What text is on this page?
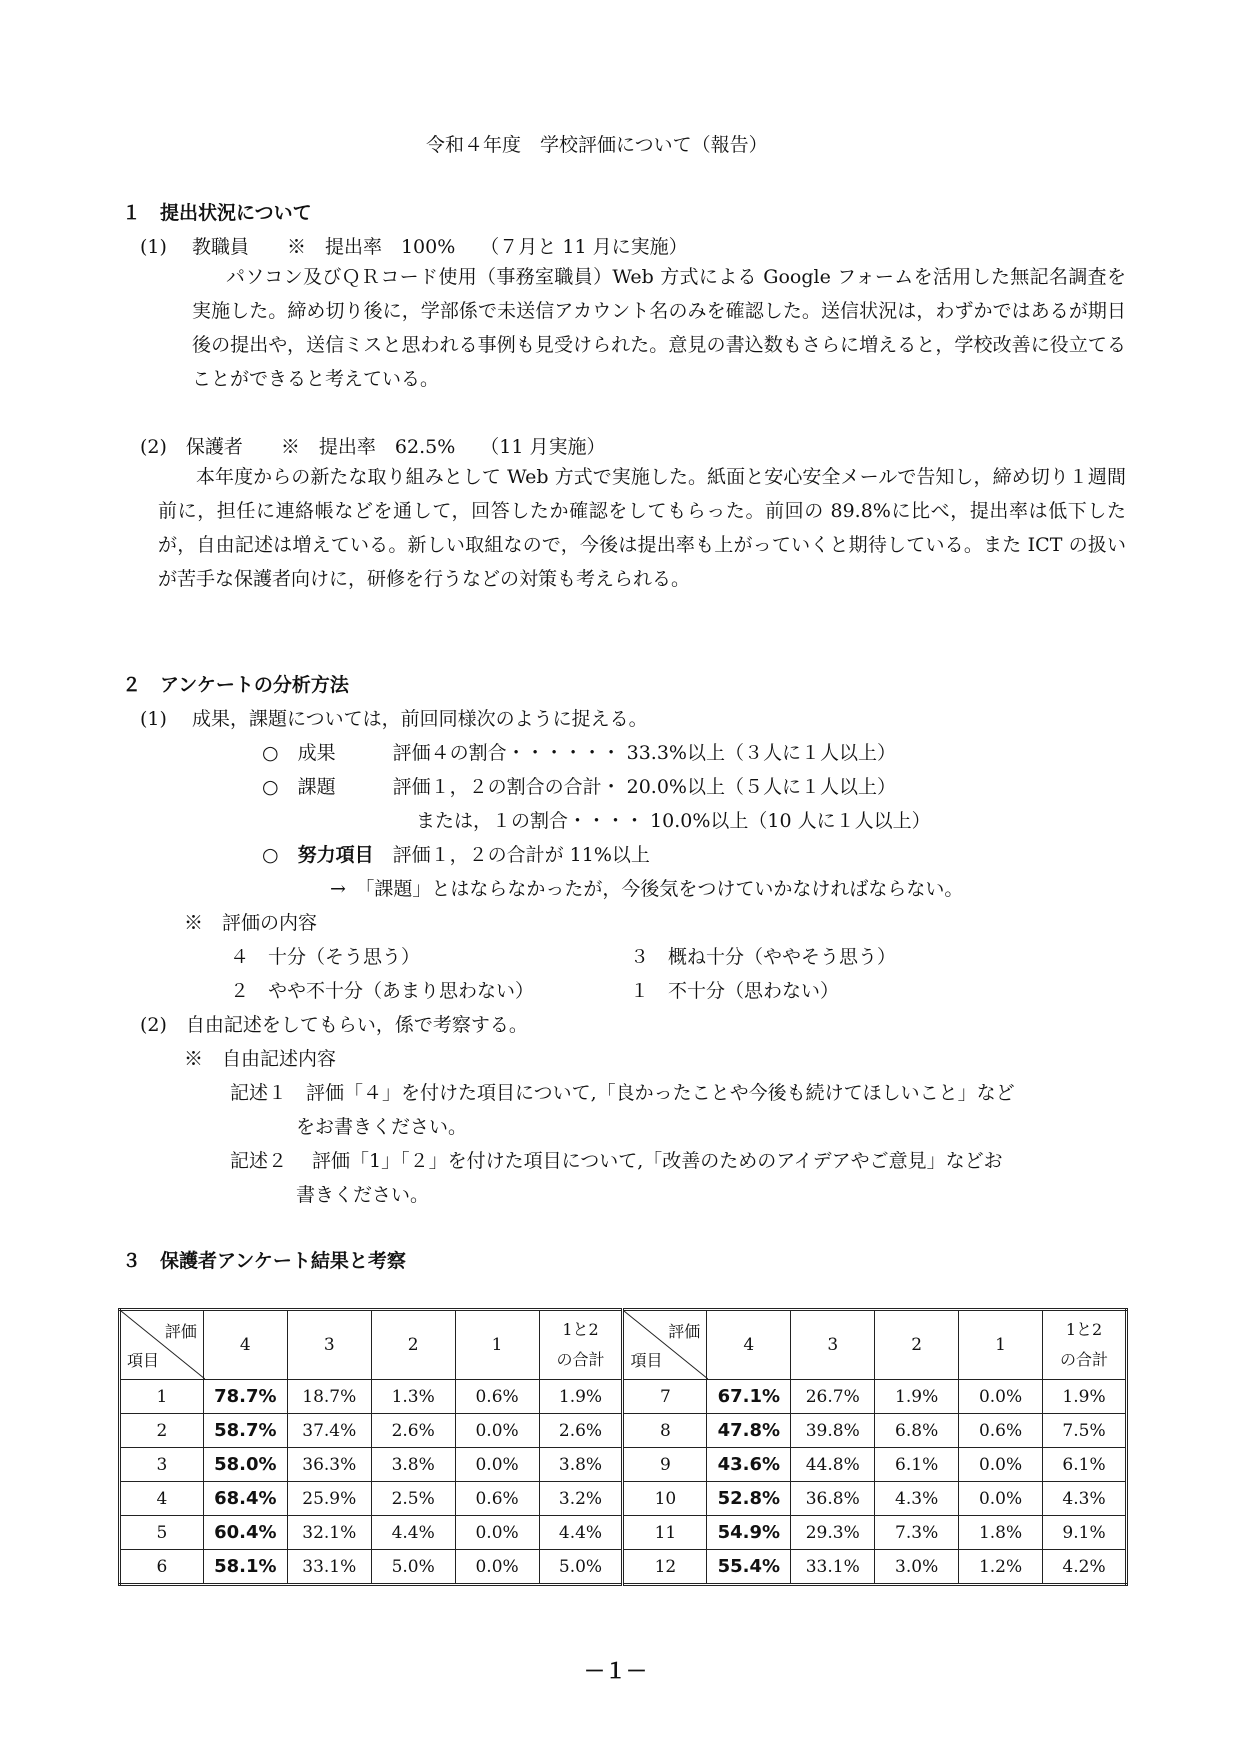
令和４年度　学校評価について（報告）
１　提出状況について
(1)　 教職員　　※　提出率　100%　 （７月と 11 月に実施）
パソコン及びＱＲコード使用（事務室職員）Web 方式による Google フォームを活用した無記名調査を実施した。締め切り後に，学部係で未送信アカウント名のみを確認した。送信状況は，わずかではあるが期日後の提出や，送信ミスと思われる事例も見受けられた。意見の書込数もさらに増えると，学校改善に役立てることができると考えている。
(2)　保護者　　※　提出率　62.5%　 （11 月実施）
本年度からの新たな取り組みとして Web 方式で実施した。紙面と安心安全メールで告知し，締め切り１週間前に，担任に連絡帳などを通して，回答したか確認をしてもらった。前回の 89.8%に比べ，提出率は低下したが，自由記述は増えている。新しい取組なので，今後は提出率も上がっていくと期待している。また ICT の扱いが苦手な保護者向けに，研修を行うなどの対策も考えられる。
２　アンケートの分析方法
(1)　 成果，課題については，前回同様次のように捉える。
○　成果　　　評価４の割合・・・・・・ 33.3%以上（３人に１人以上）
○　課題　　　評価１，２の割合の合計・ 20.0%以上（５人に１人以上）
または，１の割合・・・・ 10.0%以上（10 人に１人以上）
○　努力項目　評価１，２の合計が 11%以上
→　「課題」とはならなかったが，今後気をつけていかなければならない。
※　評価の内容
４　十分（そう思う）	３　概ね十分（ややそう思う）
２　やや不十分（あまり思わない）	１　不十分（思わない）
(2)　自由記述をしてもらい，係で考察する。
※　自由記述内容
記述１　評価「４」を付けた項目について,「良かったことや今後も続けてほしいこと」など
をお書きください。
記述２　 評価「1」「２」を付けた項目について,「改善のためのアイデアやご意見」などお
書きください。
３　保護者アンケート結果と考察
評価
項目	4	3	2	1	1と2
の合計	評価
項目	4	3	2	1	1と2
の合計
1	78.7%	18.7%	1.3%	0.6%	1.9%	7	67.1%	26.7%	1.9%	0.0%	1.9%
2	58.7%	37.4%	2.6%	0.0%	2.6%	8	47.8%	39.8%	6.8%	0.6%	7.5%
3	58.0%	36.3%	3.8%	0.0%	3.8%	9	43.6%	44.8%	6.1%	0.0%	6.1%
4	68.4%	25.9%	2.5%	0.6%	3.2%	10	52.8%	36.8%	4.3%	0.0%	4.3%
5	60.4%	32.1%	4.4%	0.0%	4.4%	11	54.9%	29.3%	7.3%	1.8%	9.1%
6	58.1%	33.1%	5.0%	0.0%	5.0%	12	55.4%	33.1%	3.0%	1.2%	4.2%
－１－
